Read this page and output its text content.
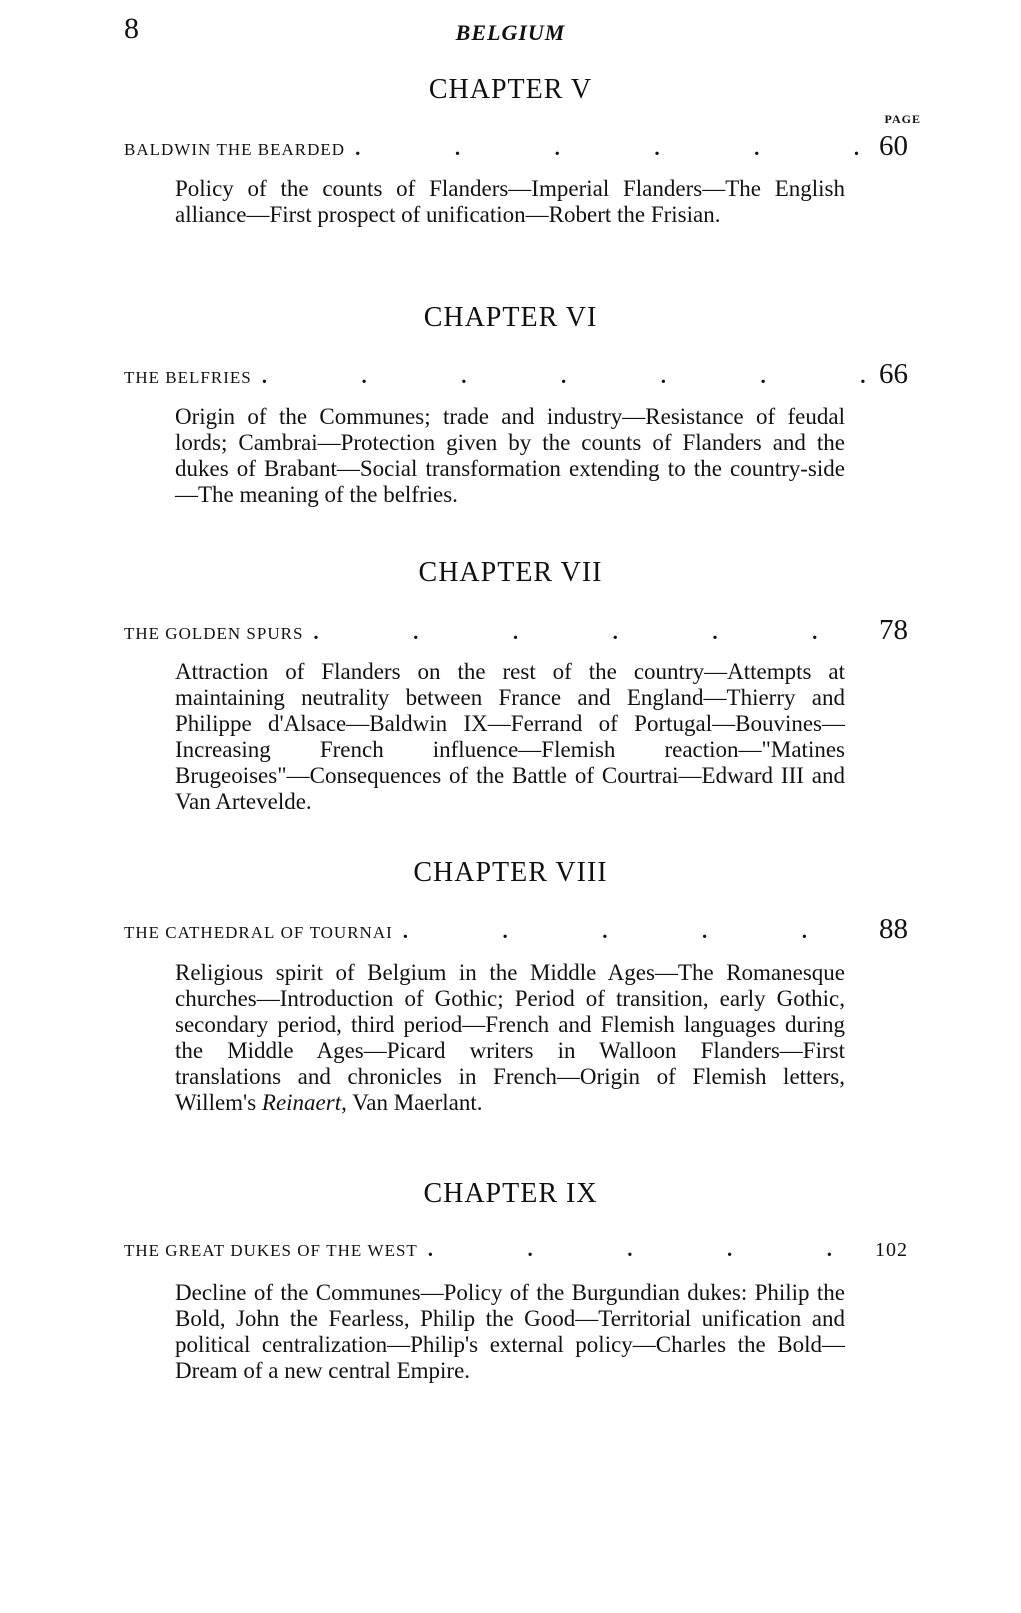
8	BELGIUM
CHAPTER V
PAGE
baldwin the bearded .	60
Policy of the counts of Flanders—Imperial Flanders—The English alliance—First prospect of unification—Robert the Frisian.
CHAPTER VI
the belfries .	66
Origin of the Communes; trade and industry—Resistance of feudal lords; Cambrai—Protection given by the counts of Flanders and the dukes of Brabant—Social transformation extending to the country-side—The meaning of the belfries.
CHAPTER VII
the golden spurs .	78
Attraction of Flanders on the rest of the country—Attempts at maintaining neutrality between France and England—Thierry and Philippe d'Alsace—Baldwin IX—Ferrand of Portugal—Bouvines—Increasing French influence—Flemish reaction—"Matines Brugeoises"—Consequences of the Battle of Courtrai—Edward III and Van Artevelde.
CHAPTER VIII
the cathedral of tournai .	88
Religious spirit of Belgium in the Middle Ages—The Romanesque churches—Introduction of Gothic; Period of transition, early Gothic, secondary period, third period—French and Flemish languages during the Middle Ages—Picard writers in Walloon Flanders—First translations and chronicles in French—Origin of Flemish letters, Willem's Reinaert, Van Maerlant.
CHAPTER IX
the great dukes of the west .	102
Decline of the Communes—Policy of the Burgundian dukes: Philip the Bold, John the Fearless, Philip the Good—Territorial unification and political centralization—Philip's external policy—Charles the Bold—Dream of a new central Empire.
